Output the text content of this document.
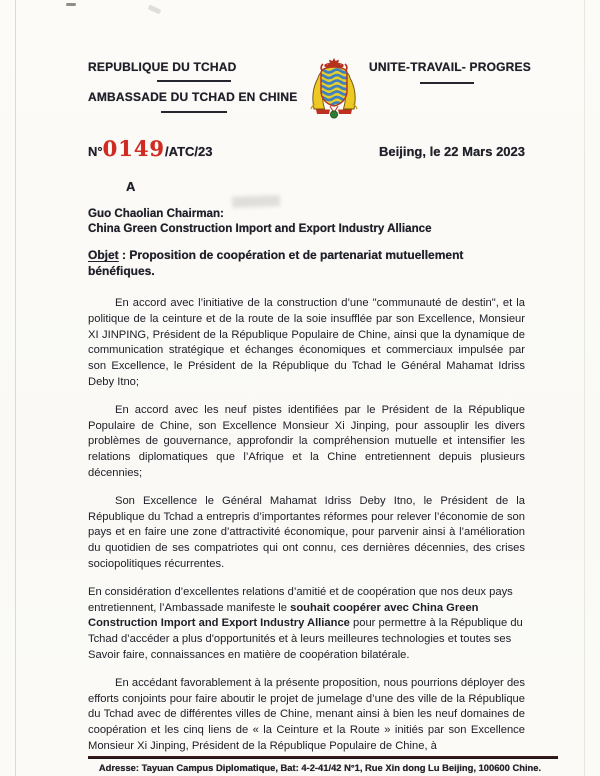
REPUBLIQUE DU TCHAD
AMBASSADE DU TCHAD EN CHINE
UNITE-TRAVAIL- PROGRES
N°0149/ATC/23	Beijing, le 22 Mars 2023
A
Guo Chaolian Chairman:
China Green Construction Import and Export Industry Alliance
Objet : Proposition de coopération et de partenariat mutuellement bénéfiques.

En accord avec l’initiative de la construction d’une "communauté de destin", et la politique de la ceinture et de la route de la soie insufflée par son Excellence, Monsieur XI JINPING, Président de la République Populaire de Chine, ainsi que la dynamique de communication stratégique et échanges économiques et commerciaux impulsée par son Excellence, le Président de la République du Tchad le Général Mahamat Idriss Deby Itno;

En accord avec les neuf pistes identifiées par le Président de la République Populaire de Chine, son Excellence Monsieur Xi Jinping, pour assouplir les divers problèmes de gouvernance, approfondir la compréhension mutuelle et intensifier les relations diplomatiques que l’Afrique et la Chine entretiennent depuis plusieurs décennies;

Son Excellence le Général Mahamat Idriss Deby Itno, le Président de la République du Tchad a entrepris d’importantes réformes pour relever l’économie de son pays et en faire une zone d’attractivité économique, pour parvenir ainsi à l’amélioration du quotidien de ses compatriotes qui ont connu, ces dernières décennies, des crises sociopolitiques récurrentes.

En considération d’excellentes relations d’amitié et de coopération que nos deux pays entretiennent, l’Ambassade manifeste le souhait coopérer avec China Green Construction Import and Export Industry Alliance pour permettre à la République du Tchad d’accéder a plus d'opportunités et à leurs meilleures technologies et toutes ses Savoir faire, connaissances en matière de coopération bilatérale.

En accédant favorablement à la présente proposition, nous pourrions déployer des efforts conjoints pour faire aboutir le projet de jumelage d’une des ville de la République du Tchad avec de différentes villes de Chine, menant ainsi à bien les neuf domaines de coopération et les cinq liens de « la Ceinture et la Route » initiés par son Excellence Monsieur Xi Jinping, Président de la République Populaire de Chine, à

Adresse: Tayuan Campus Diplomatique, Bat: 4-2-41/42 N°1, Rue Xin dong Lu Beijing, 100600 Chine.
